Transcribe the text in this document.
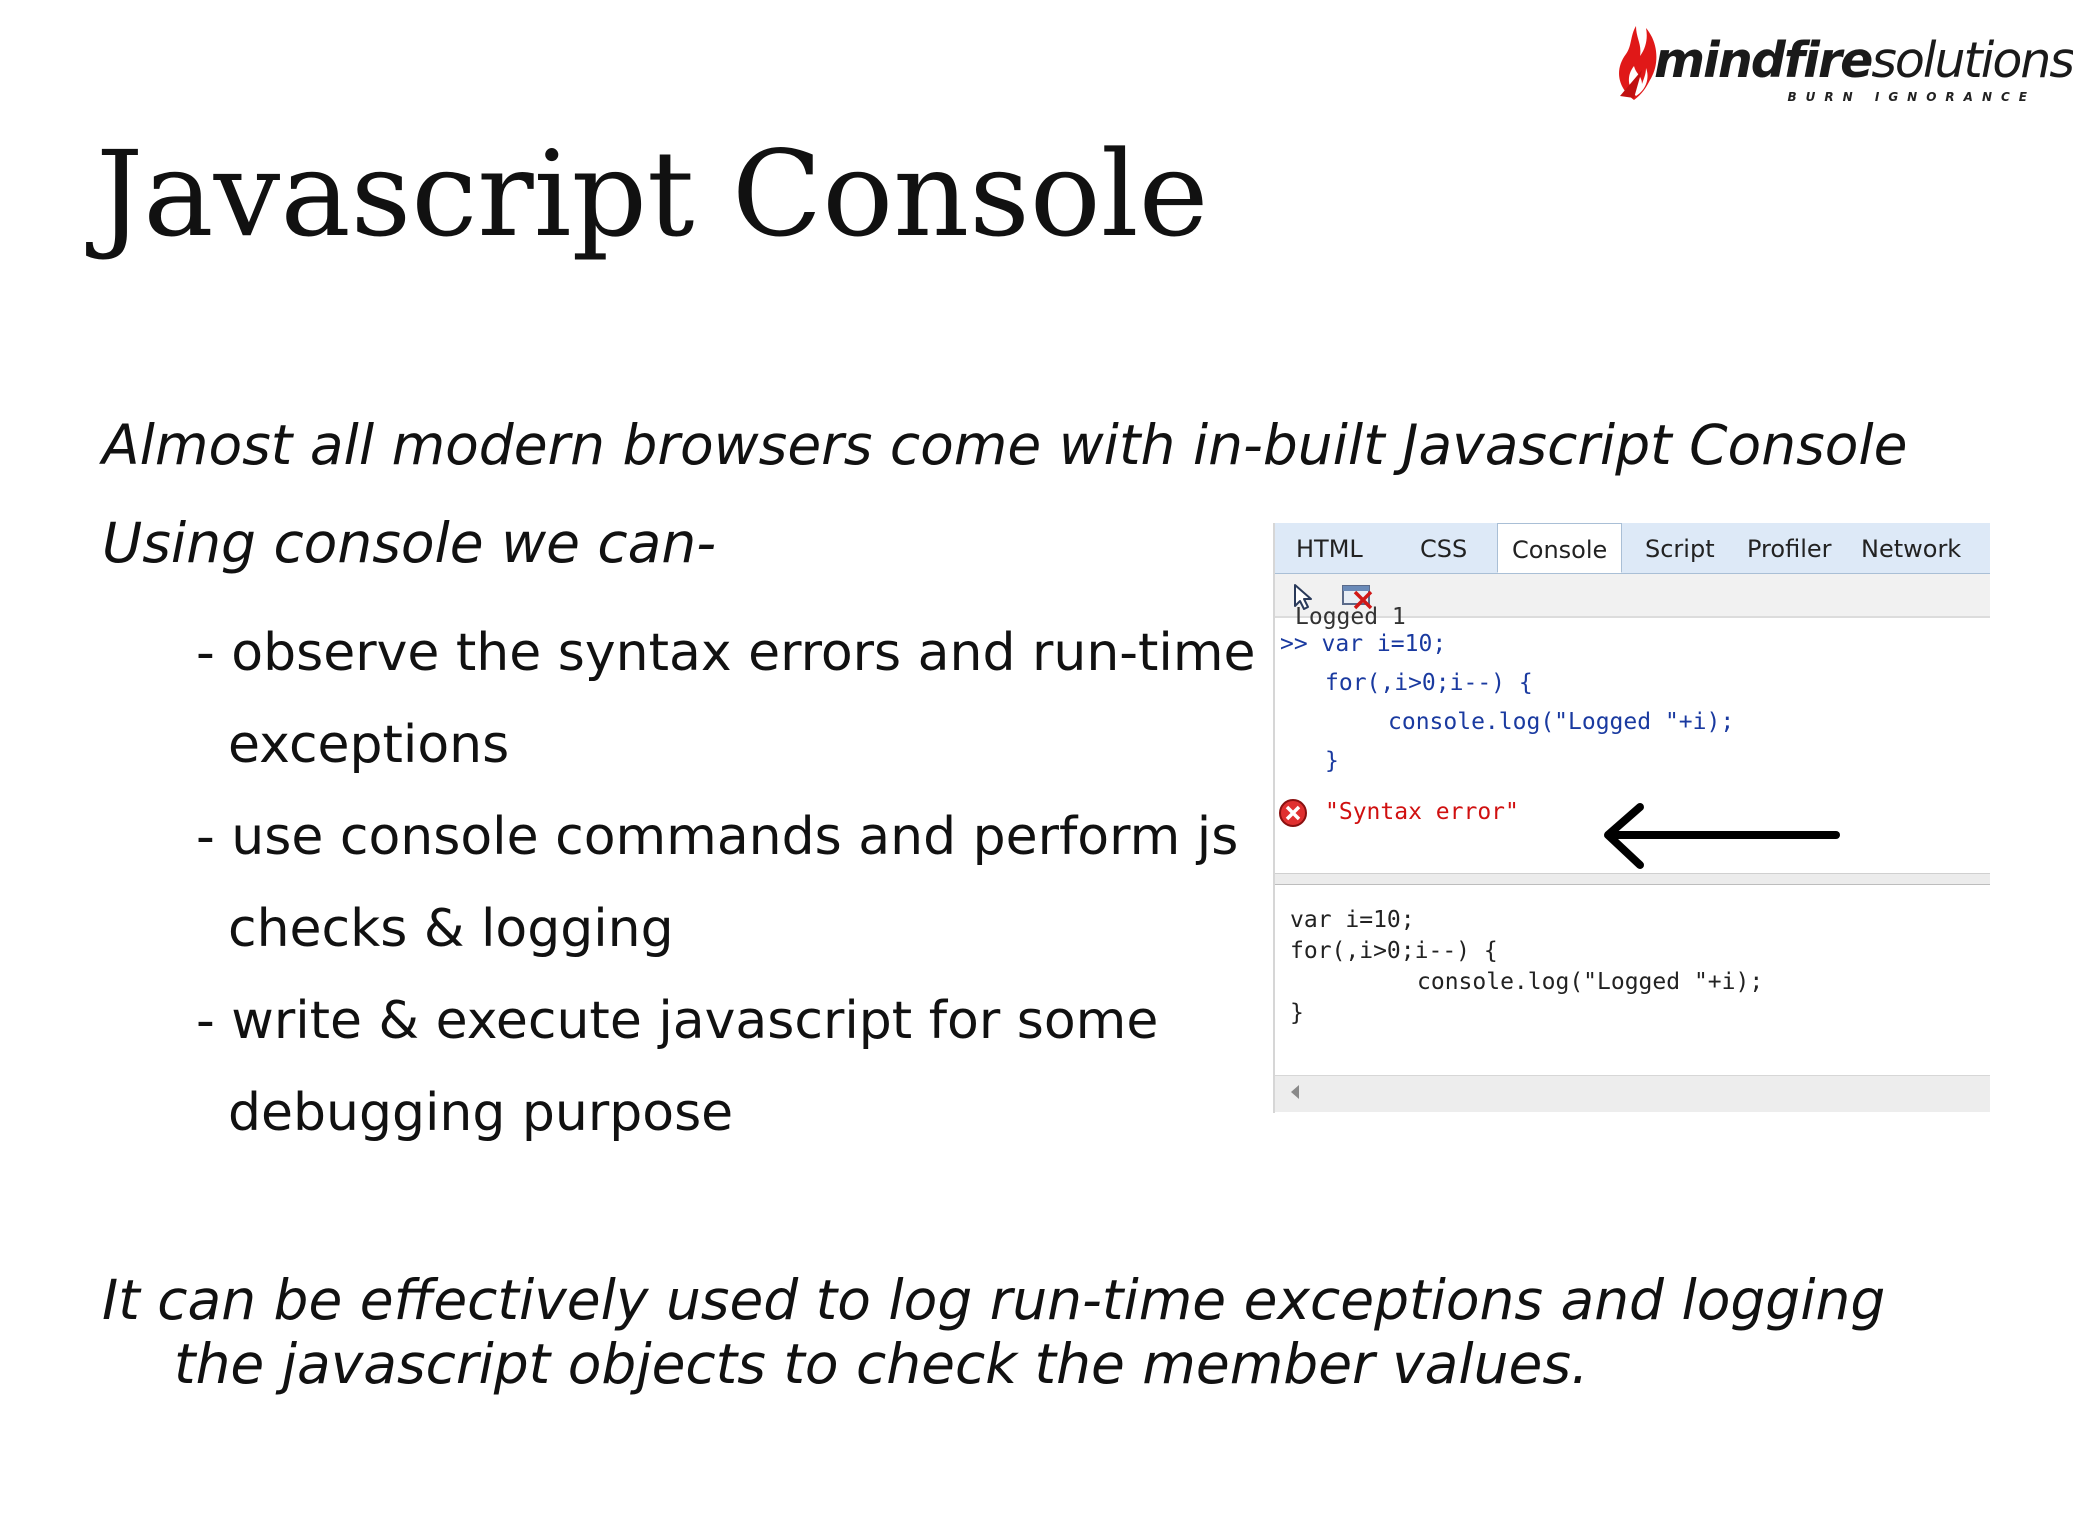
mindfiresolutions
BURN IGNORANCE
Javascript Console

Almost all modern browsers come with in-built Javascript Console

Using console we can-

- observe the syntax errors and run-time
exceptions
- use console commands and perform js
checks & logging
- write & execute javascript for some
debugging purpose

It can be effectively used to log run-time exceptions and logging
the javascript objects to check the member values.

HTML CSS	Console	Script Profiler Network
Logged 1
>> var i=10;
for(,i>0;i--) {
console.log("Logged "+i);
}
"Syntax error"
var i=10;
for(,i>0;i--) {
console.log("Logged "+i);
}
